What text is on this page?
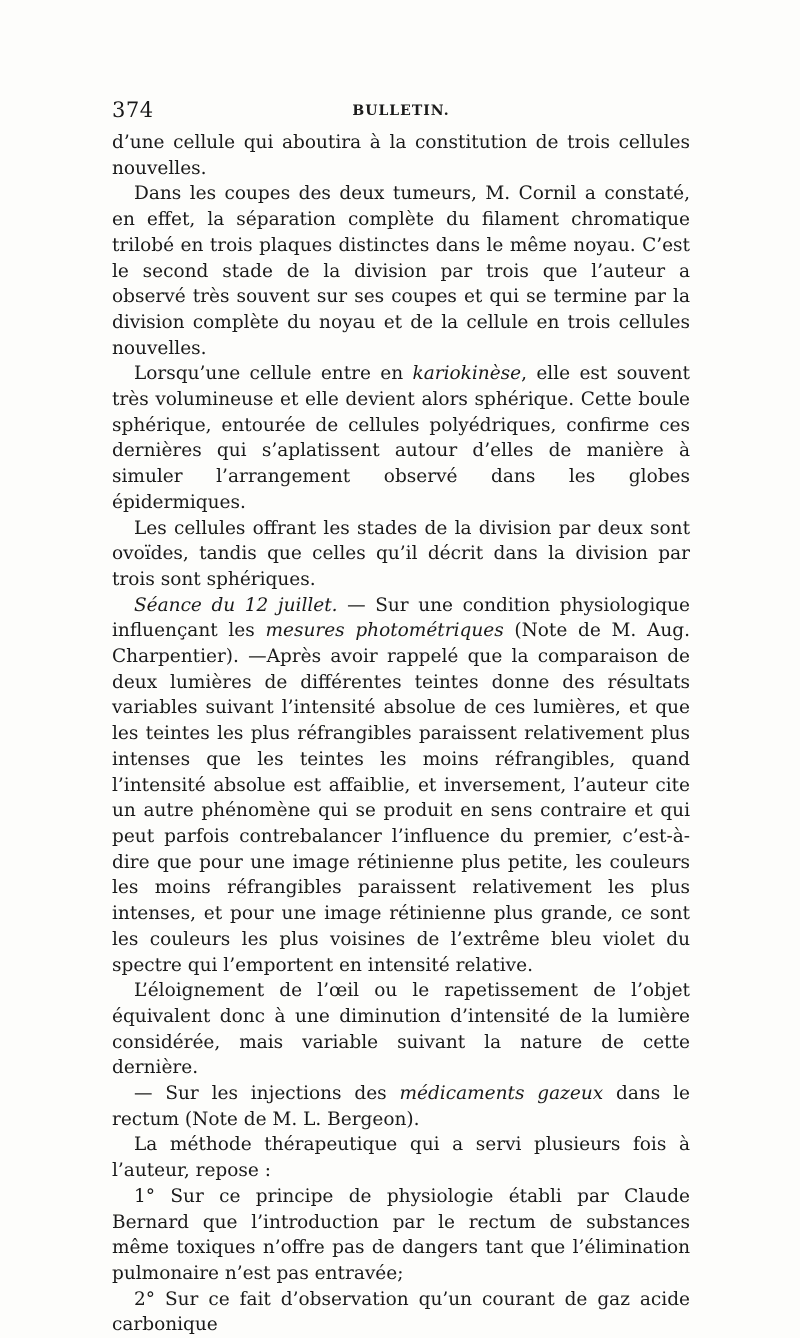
374	BULLETIN.

d’une cellule qui aboutira à la constitution de trois cellules nouvelles.

Dans les coupes des deux tumeurs, M. Cornil a constaté, en effet, la séparation complète du filament chromatique trilobé en trois plaques distinctes dans le même noyau. C’est le second stade de la division par trois que l’auteur a observé très souvent sur ses coupes et qui se termine par la division complète du noyau et de la cellule en trois cellules nouvelles.

Lorsqu’une cellule entre en kariokinèse, elle est souvent très volumineuse et elle devient alors sphérique. Cette boule sphérique, entourée de cellules polyédriques, confirme ces dernières qui s’aplatissent autour d’elles de manière à simuler l’arrangement observé dans les globes épidermiques.

Les cellules offrant les stades de la division par deux sont ovoïdes, tandis que celles qu’il décrit dans la division par trois sont sphériques.

Séance du 12 juillet. — Sur une condition physiologique influençant les mesures photométriques (Note de M. Aug. Charpentier). —Après avoir rappelé que la comparaison de deux lumières de différentes teintes donne des résultats variables suivant l’intensité absolue de ces lumières, et que les teintes les plus réfrangibles paraissent relativement plus intenses que les teintes les moins réfrangibles, quand l’intensité absolue est affaiblie, et inversement, l’auteur cite un autre phénomène qui se produit en sens contraire et qui peut parfois contrebalancer l’influence du premier, c’est-à-dire que pour une image rétinienne plus petite, les couleurs les moins réfrangibles paraissent relativement les plus intenses, et pour une image rétinienne plus grande, ce sont les couleurs les plus voisines de l’extrême bleu violet du spectre qui l’emportent en intensité relative.

L’éloignement de l’œil ou le rapetissement de l’objet équivalent donc à une diminution d’intensité de la lumière considérée, mais variable suivant la nature de cette dernière.

— Sur les injections des médicaments gazeux dans le rectum (Note de M. L. Bergeon).

La méthode thérapeutique qui a servi plusieurs fois à l’auteur, repose :

1° Sur ce principe de physiologie établi par Claude Bernard que l’introduction par le rectum de substances même toxiques n’offre pas de dangers tant que l’élimination pulmonaire n’est pas entravée;

2° Sur ce fait d’observation qu’un courant de gaz acide carbonique
